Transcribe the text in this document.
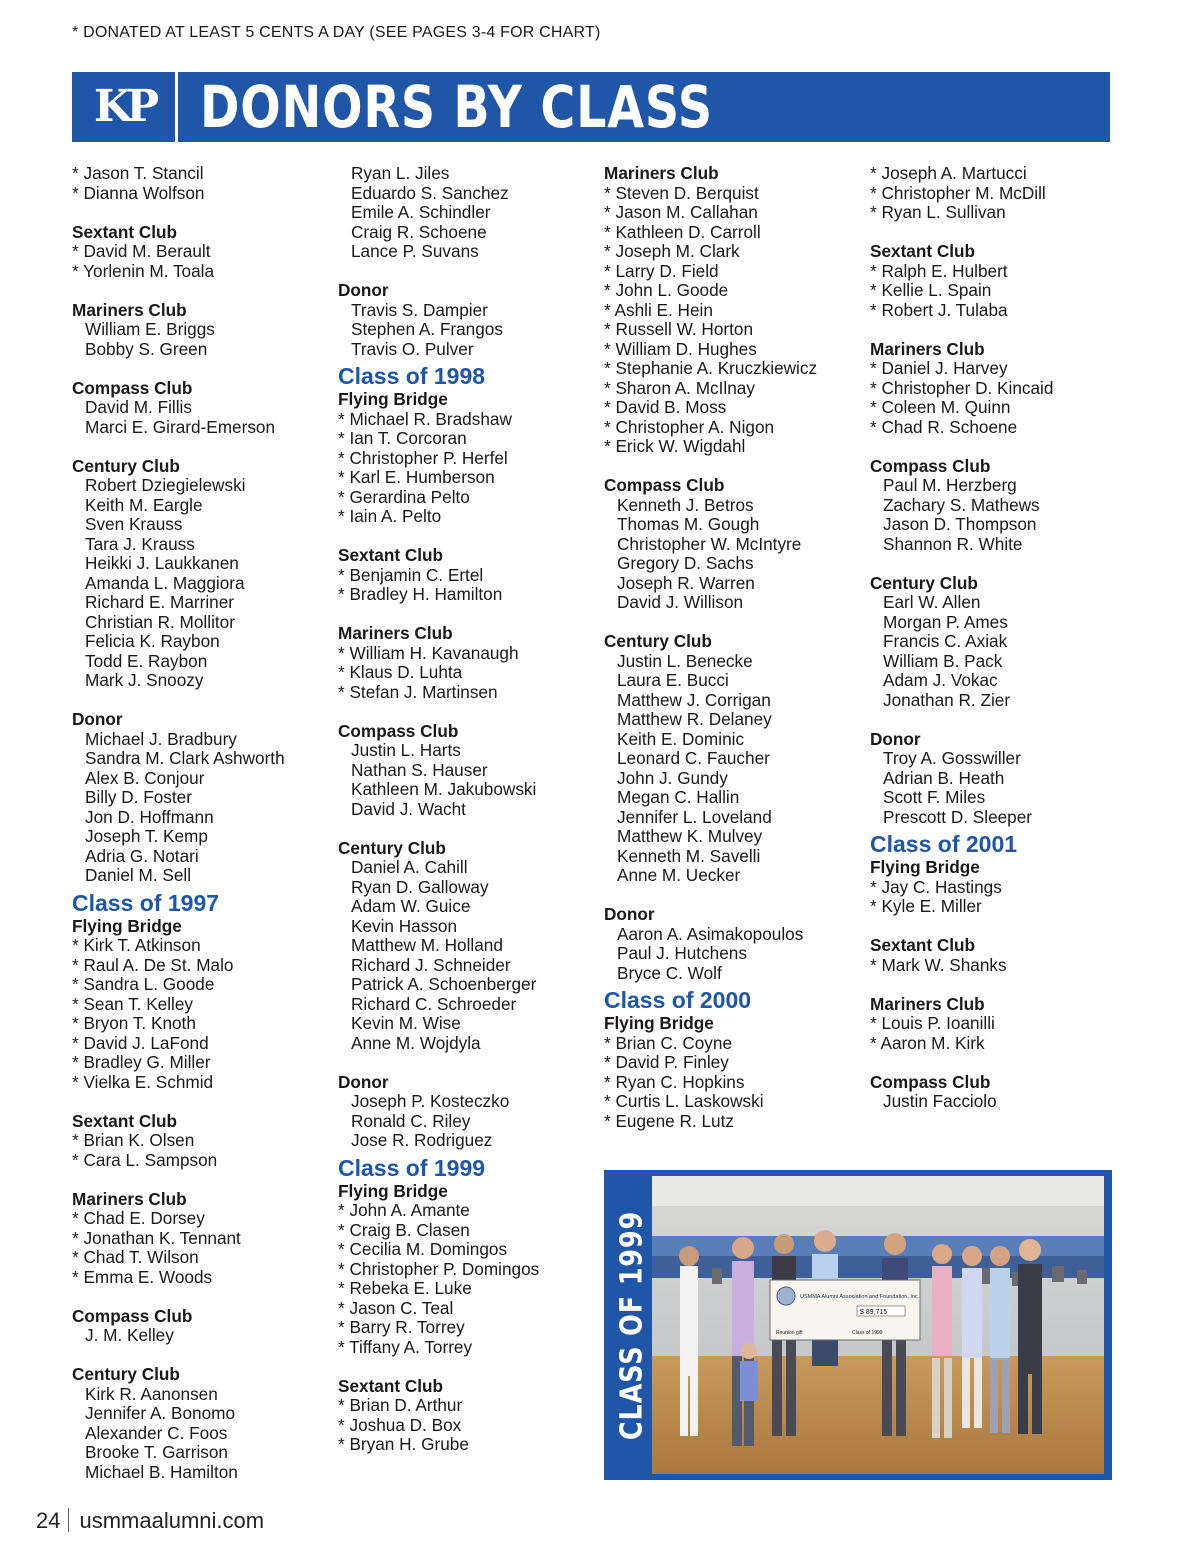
* DONATED AT LEAST 5 CENTS A DAY (SEE PAGES 3-4 FOR CHART)
KP DONORS BY CLASS
* Jason T. Stancil
* Dianna Wolfson
Sextant Club
* David M. Berault
* Yorlenin M. Toala
Mariners Club
William E. Briggs
Bobby S. Green
Compass Club
David M. Fillis
Marci E. Girard-Emerson
Century Club
Robert Dziegielewski
Keith M. Eargle
Sven Krauss
Tara J. Krauss
Heikki J. Laukkanen
Amanda L. Maggiora
Richard E. Marriner
Christian R. Mollitor
Felicia K. Raybon
Todd E. Raybon
Mark J. Snoozy
Donor
Michael J. Bradbury
Sandra M. Clark Ashworth
Alex B. Conjour
Billy D. Foster
Jon D. Hoffmann
Joseph T. Kemp
Adria G. Notari
Daniel M. Sell
Class of 1997
Flying Bridge
* Kirk T. Atkinson
* Raul A. De St. Malo
* Sandra L. Goode
* Sean T. Kelley
* Bryon T. Knoth
* David J. LaFond
* Bradley G. Miller
* Vielka E. Schmid
Sextant Club
* Brian K. Olsen
* Cara L. Sampson
Mariners Club
* Chad E. Dorsey
* Jonathan K. Tennant
* Chad T. Wilson
* Emma E. Woods
Compass Club
J. M. Kelley
Century Club
Kirk R. Aanonsen
Jennifer A. Bonomo
Alexander C. Foos
Brooke T. Garrison
Michael B. Hamilton
Ryan L. Jiles
Eduardo S. Sanchez
Emile A. Schindler
Craig R. Schoene
Lance P. Suvans
Donor
Travis S. Dampier
Stephen A. Frangos
Travis O. Pulver
Class of 1998
Flying Bridge
* Michael R. Bradshaw
* Ian T. Corcoran
* Christopher P. Herfel
* Karl E. Humberson
* Gerardina Pelto
* Iain A. Pelto
Sextant Club
* Benjamin C. Ertel
* Bradley H. Hamilton
Mariners Club
* William H. Kavanaugh
* Klaus D. Luhta
* Stefan J. Martinsen
Compass Club
Justin L. Harts
Nathan S. Hauser
Kathleen M. Jakubowski
David J. Wacht
Century Club
Daniel A. Cahill
Ryan D. Galloway
Adam W. Guice
Kevin Hasson
Matthew M. Holland
Richard J. Schneider
Patrick A. Schoenberger
Richard C. Schroeder
Kevin M. Wise
Anne M. Wojdyla
Donor
Joseph P. Kosteczko
Ronald C. Riley
Jose R. Rodriguez
Class of 1999
Flying Bridge
* John A. Amante
* Craig B. Clasen
* Cecilia M. Domingos
* Christopher P. Domingos
* Rebeka E. Luke
* Jason C. Teal
* Barry R. Torrey
* Tiffany A. Torrey
Sextant Club
* Brian D. Arthur
* Joshua D. Box
* Bryan H. Grube
Mariners Club
* Steven D. Berquist
* Jason M. Callahan
* Kathleen D. Carroll
* Joseph M. Clark
* Larry D. Field
* John L. Goode
* Ashli E. Hein
* Russell W. Horton
* William D. Hughes
* Stephanie A. Kruczkiewicz
* Sharon A. McIlnay
* David B. Moss
* Christopher A. Nigon
* Erick W. Wigdahl
Compass Club
Kenneth J. Betros
Thomas M. Gough
Christopher W. McIntyre
Gregory D. Sachs
Joseph R. Warren
David J. Willison
Century Club
Justin L. Benecke
Laura E. Bucci
Matthew J. Corrigan
Matthew R. Delaney
Keith E. Dominic
Leonard C. Faucher
John J. Gundy
Megan C. Hallin
Jennifer L. Loveland
Matthew K. Mulvey
Kenneth M. Savelli
Anne M. Uecker
Donor
Aaron A. Asimakopoulos
Paul J. Hutchens
Bryce C. Wolf
Class of 2000
Flying Bridge
* Brian C. Coyne
* David P. Finley
* Ryan C. Hopkins
* Curtis L. Laskowski
* Eugene R. Lutz
* Joseph A. Martucci
* Christopher M. McDill
* Ryan L. Sullivan
Sextant Club
* Ralph E. Hulbert
* Kellie L. Spain
* Robert J. Tulaba
Mariners Club
* Daniel J. Harvey
* Christopher D. Kincaid
* Coleen M. Quinn
* Chad R. Schoene
Compass Club
Paul M. Herzberg
Zachary S. Mathews
Jason D. Thompson
Shannon R. White
Century Club
Earl W. Allen
Morgan P. Ames
Francis C. Axiak
William B. Pack
Adam J. Vokac
Jonathan R. Zier
Donor
Troy A. Gosswiller
Adrian B. Heath
Scott F. Miles
Prescott D. Sleeper
Class of 2001
Flying Bridge
* Jay C. Hastings
* Kyle E. Miller
Sextant Club
* Mark W. Shanks
Mariners Club
* Louis P. Ioanilli
* Aaron M. Kirk
Compass Club
Justin Facciolo
CLASS OF 1999	USMMA Alumni Association and Foundation, Inc.
$ 89,715
Reunion gift	Class of 1999
24 usmmaalumni.com
